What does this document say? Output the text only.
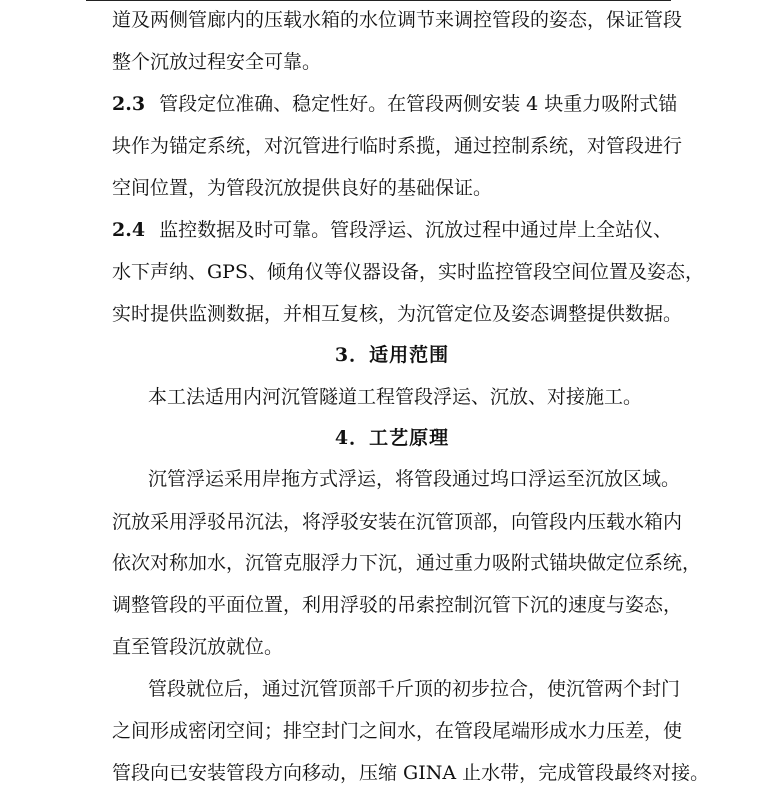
道及两侧管廊内的压载水箱的水位调节来调控管段的姿态，保证管段
整个沉放过程安全可靠。
2.3 管段定位准确、稳定性好。在管段两侧安装 4 块重力吸附式锚
块作为锚定系统，对沉管进行临时系揽，通过控制系统，对管段进行
空间位置，为管段沉放提供良好的基础保证。
2.4 监控数据及时可靠。管段浮运、沉放过程中通过岸上全站仪、
水下声纳、GPS、倾角仪等仪器设备，实时监控管段空间位置及姿态，
实时提供监测数据，并相互复核，为沉管定位及姿态调整提供数据。
3．适用范围
本工法适用内河沉管隧道工程管段浮运、沉放、对接施工。
4．工艺原理
沉管浮运采用岸拖方式浮运，将管段通过坞口浮运至沉放区域。
沉放采用浮驳吊沉法，将浮驳安装在沉管顶部，向管段内压载水箱内
依次对称加水，沉管克服浮力下沉，通过重力吸附式锚块做定位系统，
调整管段的平面位置，利用浮驳的吊索控制沉管下沉的速度与姿态，
直至管段沉放就位。
管段就位后，通过沉管顶部千斤顶的初步拉合，使沉管两个封门
之间形成密闭空间；排空封门之间水，在管段尾端形成水力压差，使
管段向已安装管段方向移动，压缩 GINA 止水带，完成管段最终对接。
